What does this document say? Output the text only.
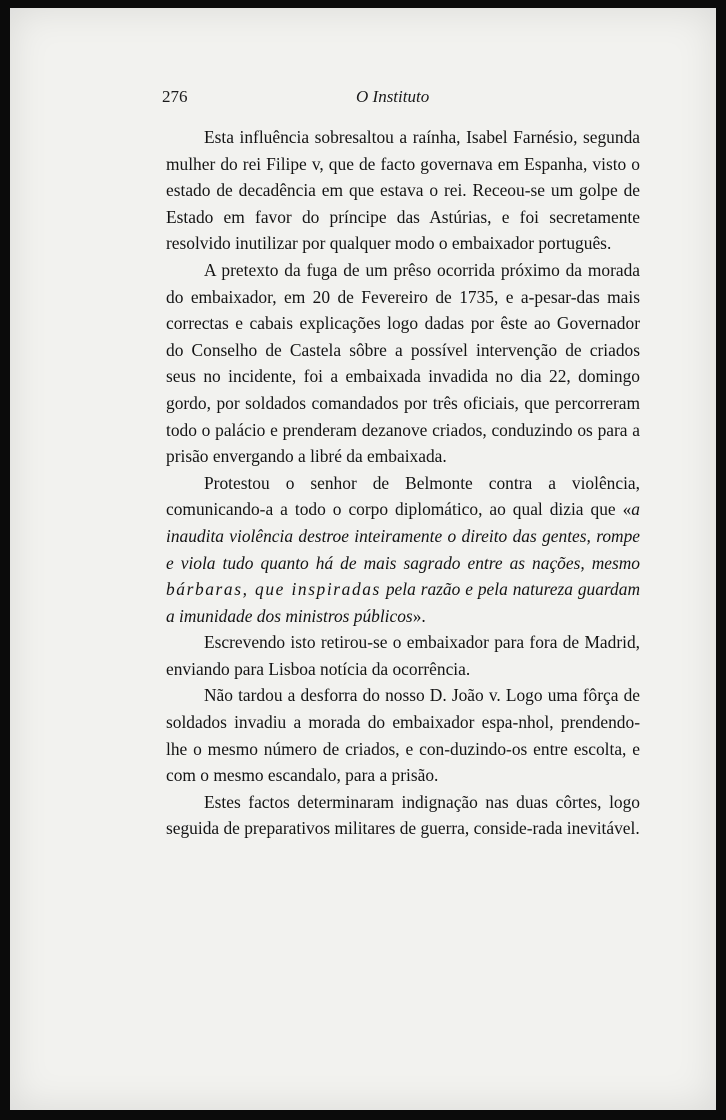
276	O Instituto

Esta influência sobresaltou a raínha, Isabel Farnésio, segunda mulher do rei Filipe v, que de facto governava em Espanha, visto o estado de decadência em que estava o rei. Receou-se um golpe de Estado em favor do príncipe das Astúrias, e foi secretamente resolvido inutilizar por qualquer modo o embaixador português.

A pretexto da fuga de um prêso ocorrida próximo da morada do embaixador, em 20 de Fevereiro de 1735, e a-pesar-das mais correctas e cabais explicações logo dadas por êste ao Governador do Conselho de Castela sôbre a possível intervenção de criados seus no incidente, foi a embaixada invadida no dia 22, domingo gordo, por soldados comandados por três oficiais, que percorreram todo o palácio e prenderam dezanove criados, conduzindo os para a prisão envergando a libré da embaixada.

Protestou o senhor de Belmonte contra a violência, comunicando-a a todo o corpo diplomático, ao qual dizia que «a inaudita violência destroe inteiramente o direito das gentes, rompe e viola tudo quanto há de mais sagrado entre as nações, mesmo bárbaras, que inspiradas pela razão e pela natureza guardam a imunidade dos ministros públicos».

Escrevendo isto retirou-se o embaixador para fora de Madrid, enviando para Lisboa notícia da ocorrência.

Não tardou a desforra do nosso D. João v. Logo uma fôrça de soldados invadiu a morada do embaixador espa-nhol, prendendo-lhe o mesmo número de criados, e con-duzindo-os entre escolta, e com o mesmo escandalo, para a prisão.

Estes factos determinaram indignação nas duas côrtes, logo seguida de preparativos militares de guerra, conside-rada inevitável.
